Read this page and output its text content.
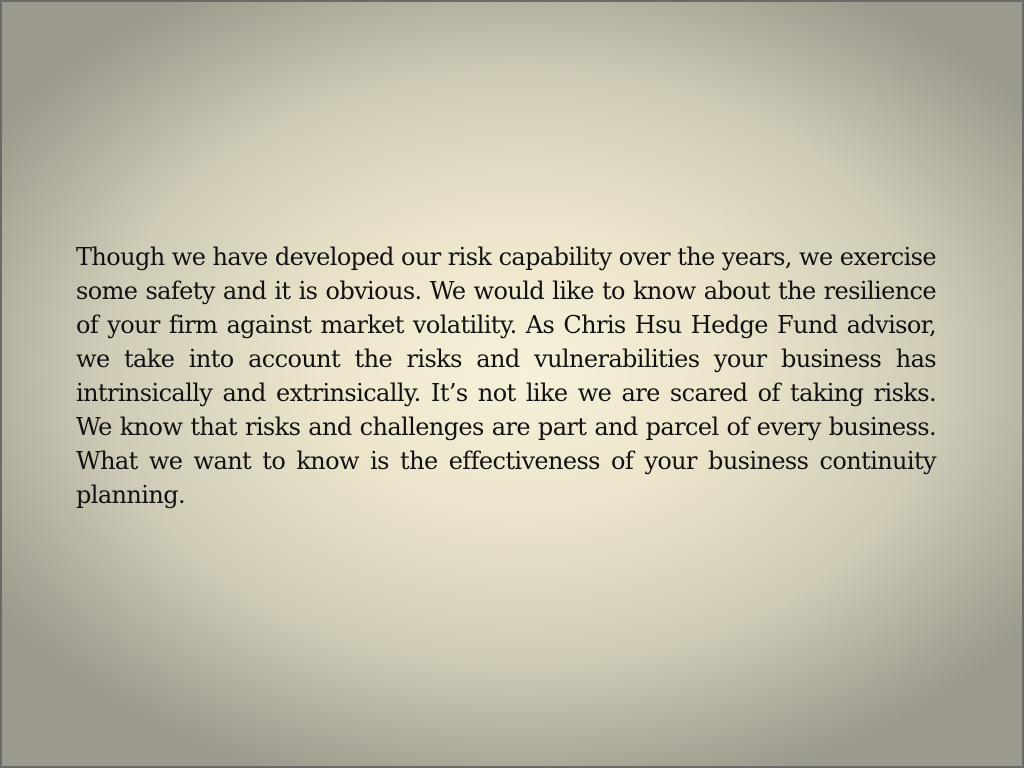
Though we have developed our risk capability over the years, we exercise some safety and it is obvious. We would like to know about the resilience of your firm against market volatility. As Chris Hsu Hedge Fund advisor, we take into account the risks and vulnerabilities your business has intrinsically and extrinsically. It’s not like we are scared of taking risks. We know that risks and challenges are part and parcel of every business. What we want to know is the effectiveness of your business continuity planning.
